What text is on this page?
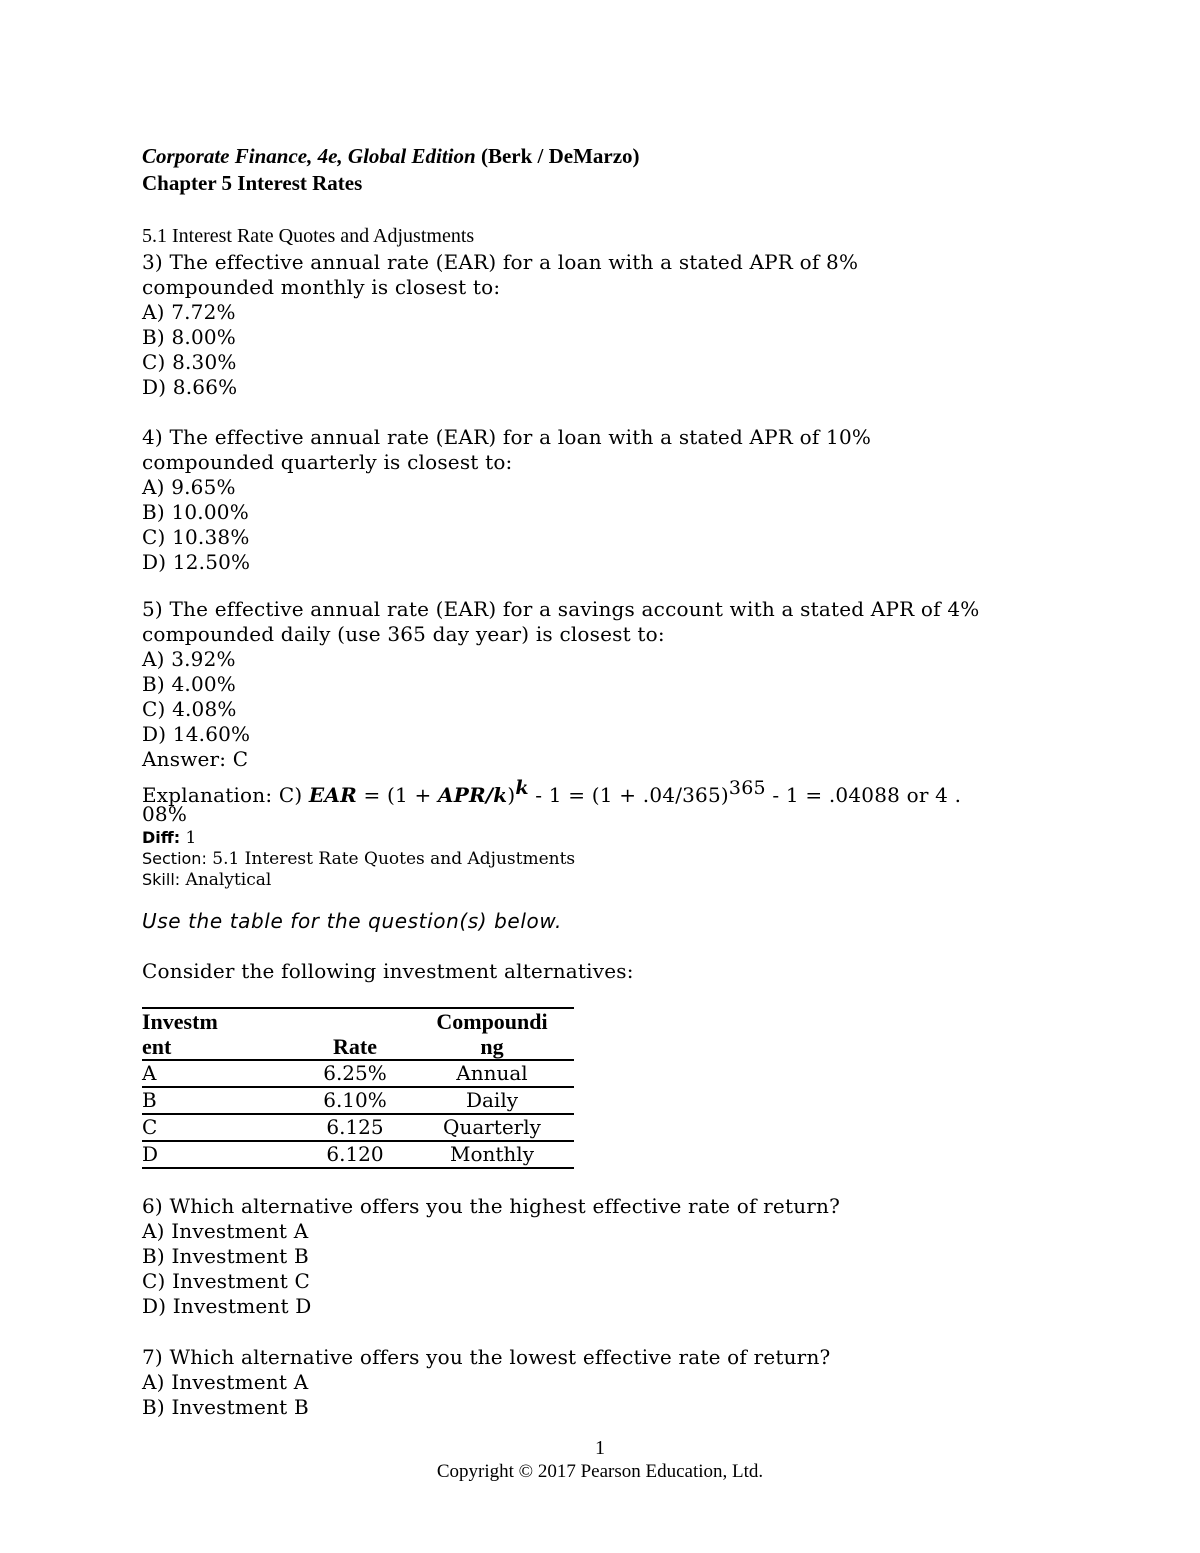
Corporate Finance, 4e, Global Edition (Berk / DeMarzo)
Chapter 5 Interest Rates
5.1 Interest Rate Quotes and Adjustments
3) The effective annual rate (EAR) for a loan with a stated APR of 8%
compounded monthly is closest to:
A) 7.72%
B) 8.00%
C) 8.30%
D) 8.66%
4) The effective annual rate (EAR) for a loan with a stated APR of 10%
compounded quarterly is closest to:
A) 9.65%
B) 10.00%
C) 10.38%
D) 12.50%
5) The effective annual rate (EAR) for a savings account with a stated APR of 4%
compounded daily (use 365 day year) is closest to:
A) 3.92%
B) 4.00%
C) 4.08%
D) 14.60%
Answer: C
Explanation: C) EAR = (1 + APR/$k)^k - 1 = (1 + .04/365)^{365} - 1 = .04088$ or 4 .
08%
Diff: 1
Section: 5.1 Interest Rate Quotes and Adjustments
Skill: Analytical
Use the table for the question(s) below.
Consider the following investment alternatives:
Investm
ent	Rate	Compoundi
ng
A	6.25%	Annual
B	6.10%	Daily
C	6.125	Quarterly
D	6.120	Monthly
6) Which alternative offers you the highest effective rate of return?
A) Investment A
B) Investment B
C) Investment C
D) Investment D
7) Which alternative offers you the lowest effective rate of return?
A) Investment A
B) Investment B
1
Copyright © 2017 Pearson Education, Ltd.
